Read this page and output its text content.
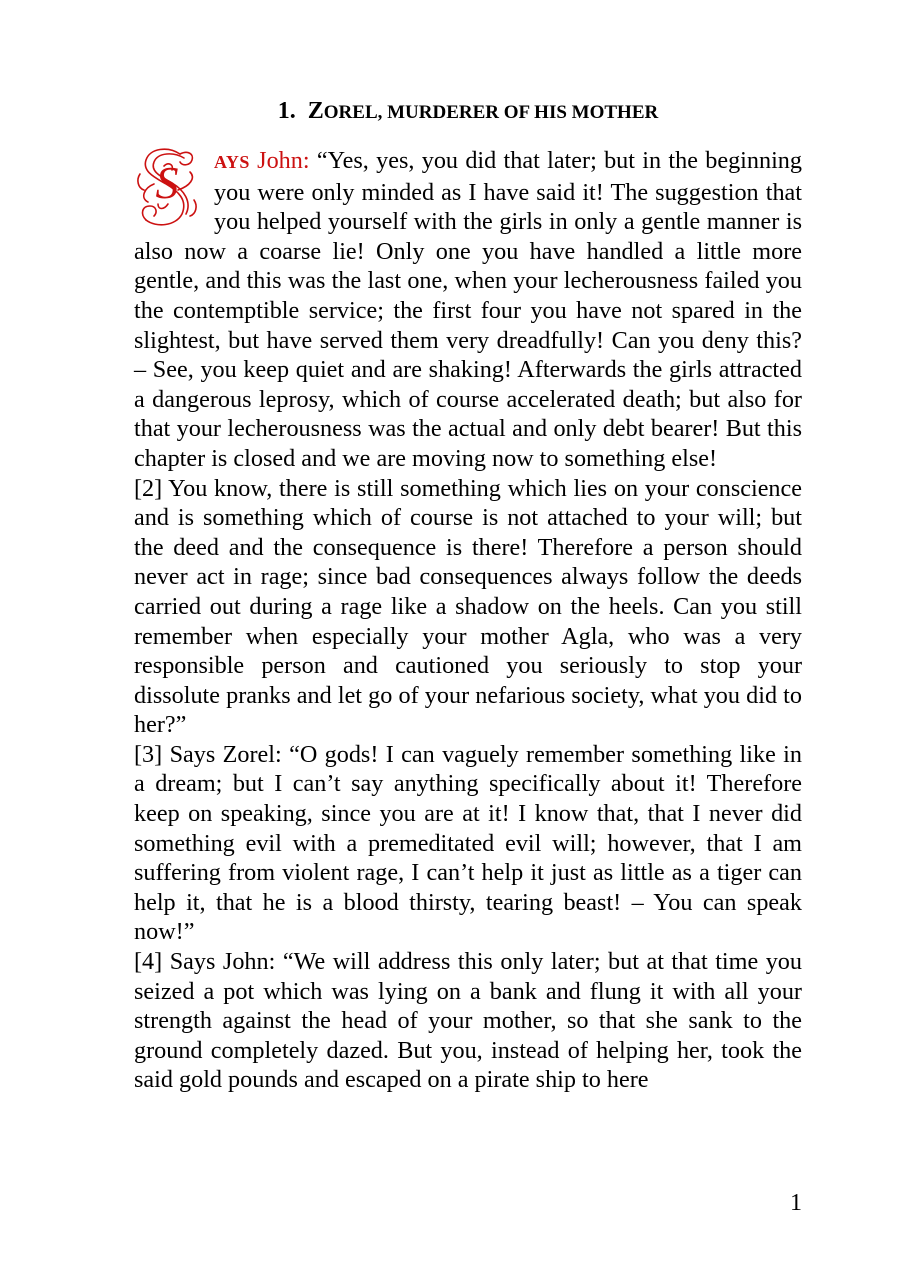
1. ZOREL, MURDERER OF HIS MOTHER

S AYS John: “Yes, yes, you did that later; but in the beginning you were only minded as I have said it! The suggestion that you helped yourself with the girls in only a gentle manner is also now a coarse lie! Only one you have handled a little more gentle, and this was the last one, when your lecherousness failed you the contemptible service; the first four you have not spared in the slightest, but have served them very dreadfully! Can you deny this? – See, you keep quiet and are shaking! Afterwards the girls attracted a dangerous leprosy, which of course accelerated death; but also for that your lecherousness was the actual and only debt bearer! But this chapter is closed and we are moving now to something else!

[2] You know, there is still something which lies on your conscience and is something which of course is not attached to your will; but the deed and the consequence is there! Therefore a person should never act in rage; since bad consequences always follow the deeds carried out during a rage like a shadow on the heels. Can you still remember when especially your mother Agla, who was a very responsible person and cautioned you seriously to stop your dissolute pranks and let go of your nefarious society, what you did to her?”

[3] Says Zorel: “O gods! I can vaguely remember something like in a dream; but I can’t say anything specifically about it! Therefore keep on speaking, since you are at it! I know that, that I never did something evil with a premeditated evil will; however, that I am suffering from violent rage, I can’t help it just as little as a tiger can help it, that he is a blood thirsty, tearing beast! – You can speak now!”

[4] Says John: “We will address this only later; but at that time you seized a pot which was lying on a bank and flung it with all your strength against the head of your mother, so that she sank to the ground completely dazed. But you, instead of helping her, took the said gold pounds and escaped on a pirate ship to here

1
